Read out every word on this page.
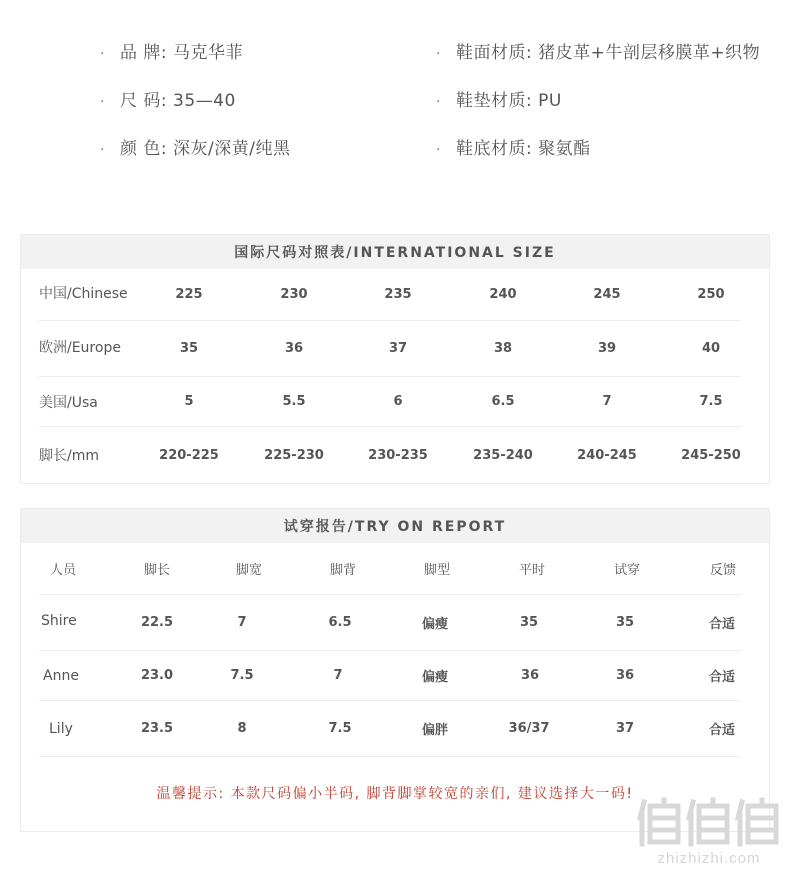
· 品 牌: 马克华菲	· 鞋面材质: 猪皮革+牛剖层移膜革+织物
· 尺 码: 35—40	· 鞋垫材质: PU
· 颜 色: 深灰/深黄/纯黑	· 鞋底材质: 聚氨酯
国际尺码对照表/INTERNATIONAL SIZE
中国/Chinese	225	230	235	240	245	250
欧洲/Europe	35	36	37	38	39	40
美国/Usa	5	5.5	6	6.5	7	7.5
脚长/mm	220-225	225-230	230-235	235-240	240-245	245-250
试穿报告/TRY ON REPORT
人员	脚长	脚宽	脚背	脚型	平时	试穿	反馈
Shire	22.5	7	6.5	偏瘦	35	35	合适
Anne	23.0	7.5	7	偏瘦	36	36	合适
Lily	23.5	8	7.5	偏胖	36/37	37	合适
温馨提示: 本款尺码偏小半码, 脚背脚掌较宽的亲们, 建议选择大一码!
zhizhizhi.com
